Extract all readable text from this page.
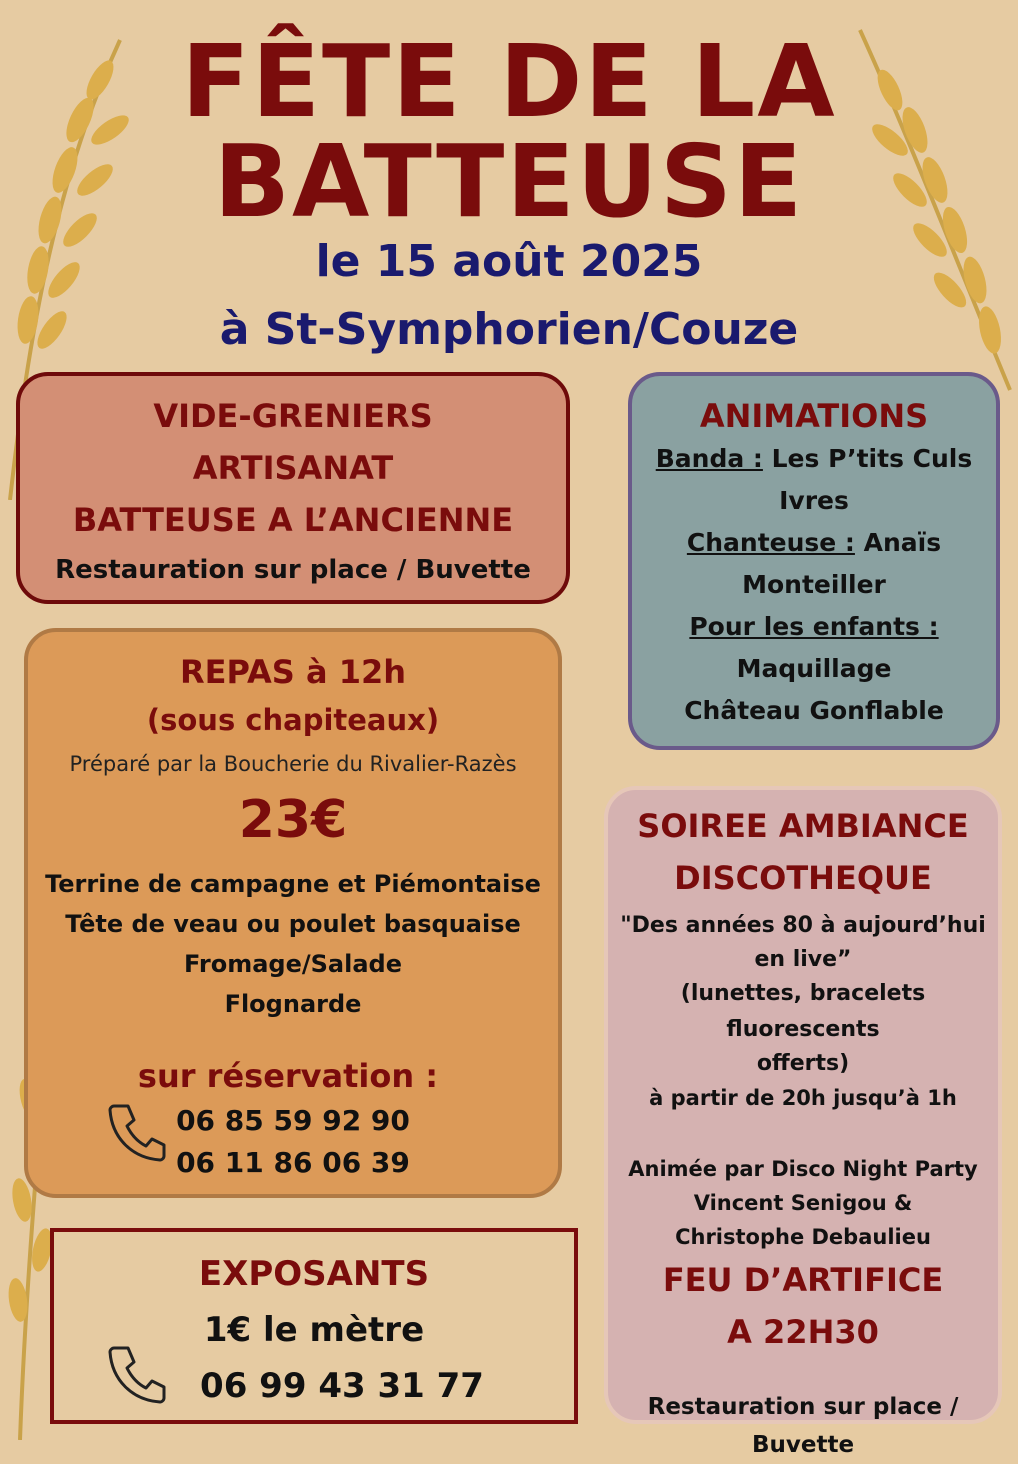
FÊTE DE LA
BATTEUSE

le 15 août 2025

à St-Symphorien/Couze

VIDE-GRENIERS

ARTISANAT

BATTEUSE A L’ANCIENNE

Restauration sur place / Buvette

ANIMATIONS

Banda : Les P’tits Culs

Ivres

Chanteuse : Anaïs

Monteiller

Pour les enfants :

Maquillage

Château Gonflable

REPAS à 12h

(sous chapiteaux)

Préparé par la Boucherie du Rivalier-Razès

23€

Terrine de campagne et Piémontaise

Tête de veau ou poulet basquaise

Fromage/Salade

Flognarde

sur réservation :

06 85 59 92 90

06 11 86 06 39

SOIREE AMBIANCE

DISCOTHEQUE

"Des années 80 à aujourd’hui

en live”

(lunettes, bracelets fluorescents

offerts)

à partir de 20h jusqu’à 1h

Animée par Disco Night Party

Vincent Senigou &

Christophe Debaulieu

FEU D’ARTIFICE

A 22H30

Restauration sur place /

Buvette

EXPOSANTS

1€ le mètre

06 99 43 31 77
